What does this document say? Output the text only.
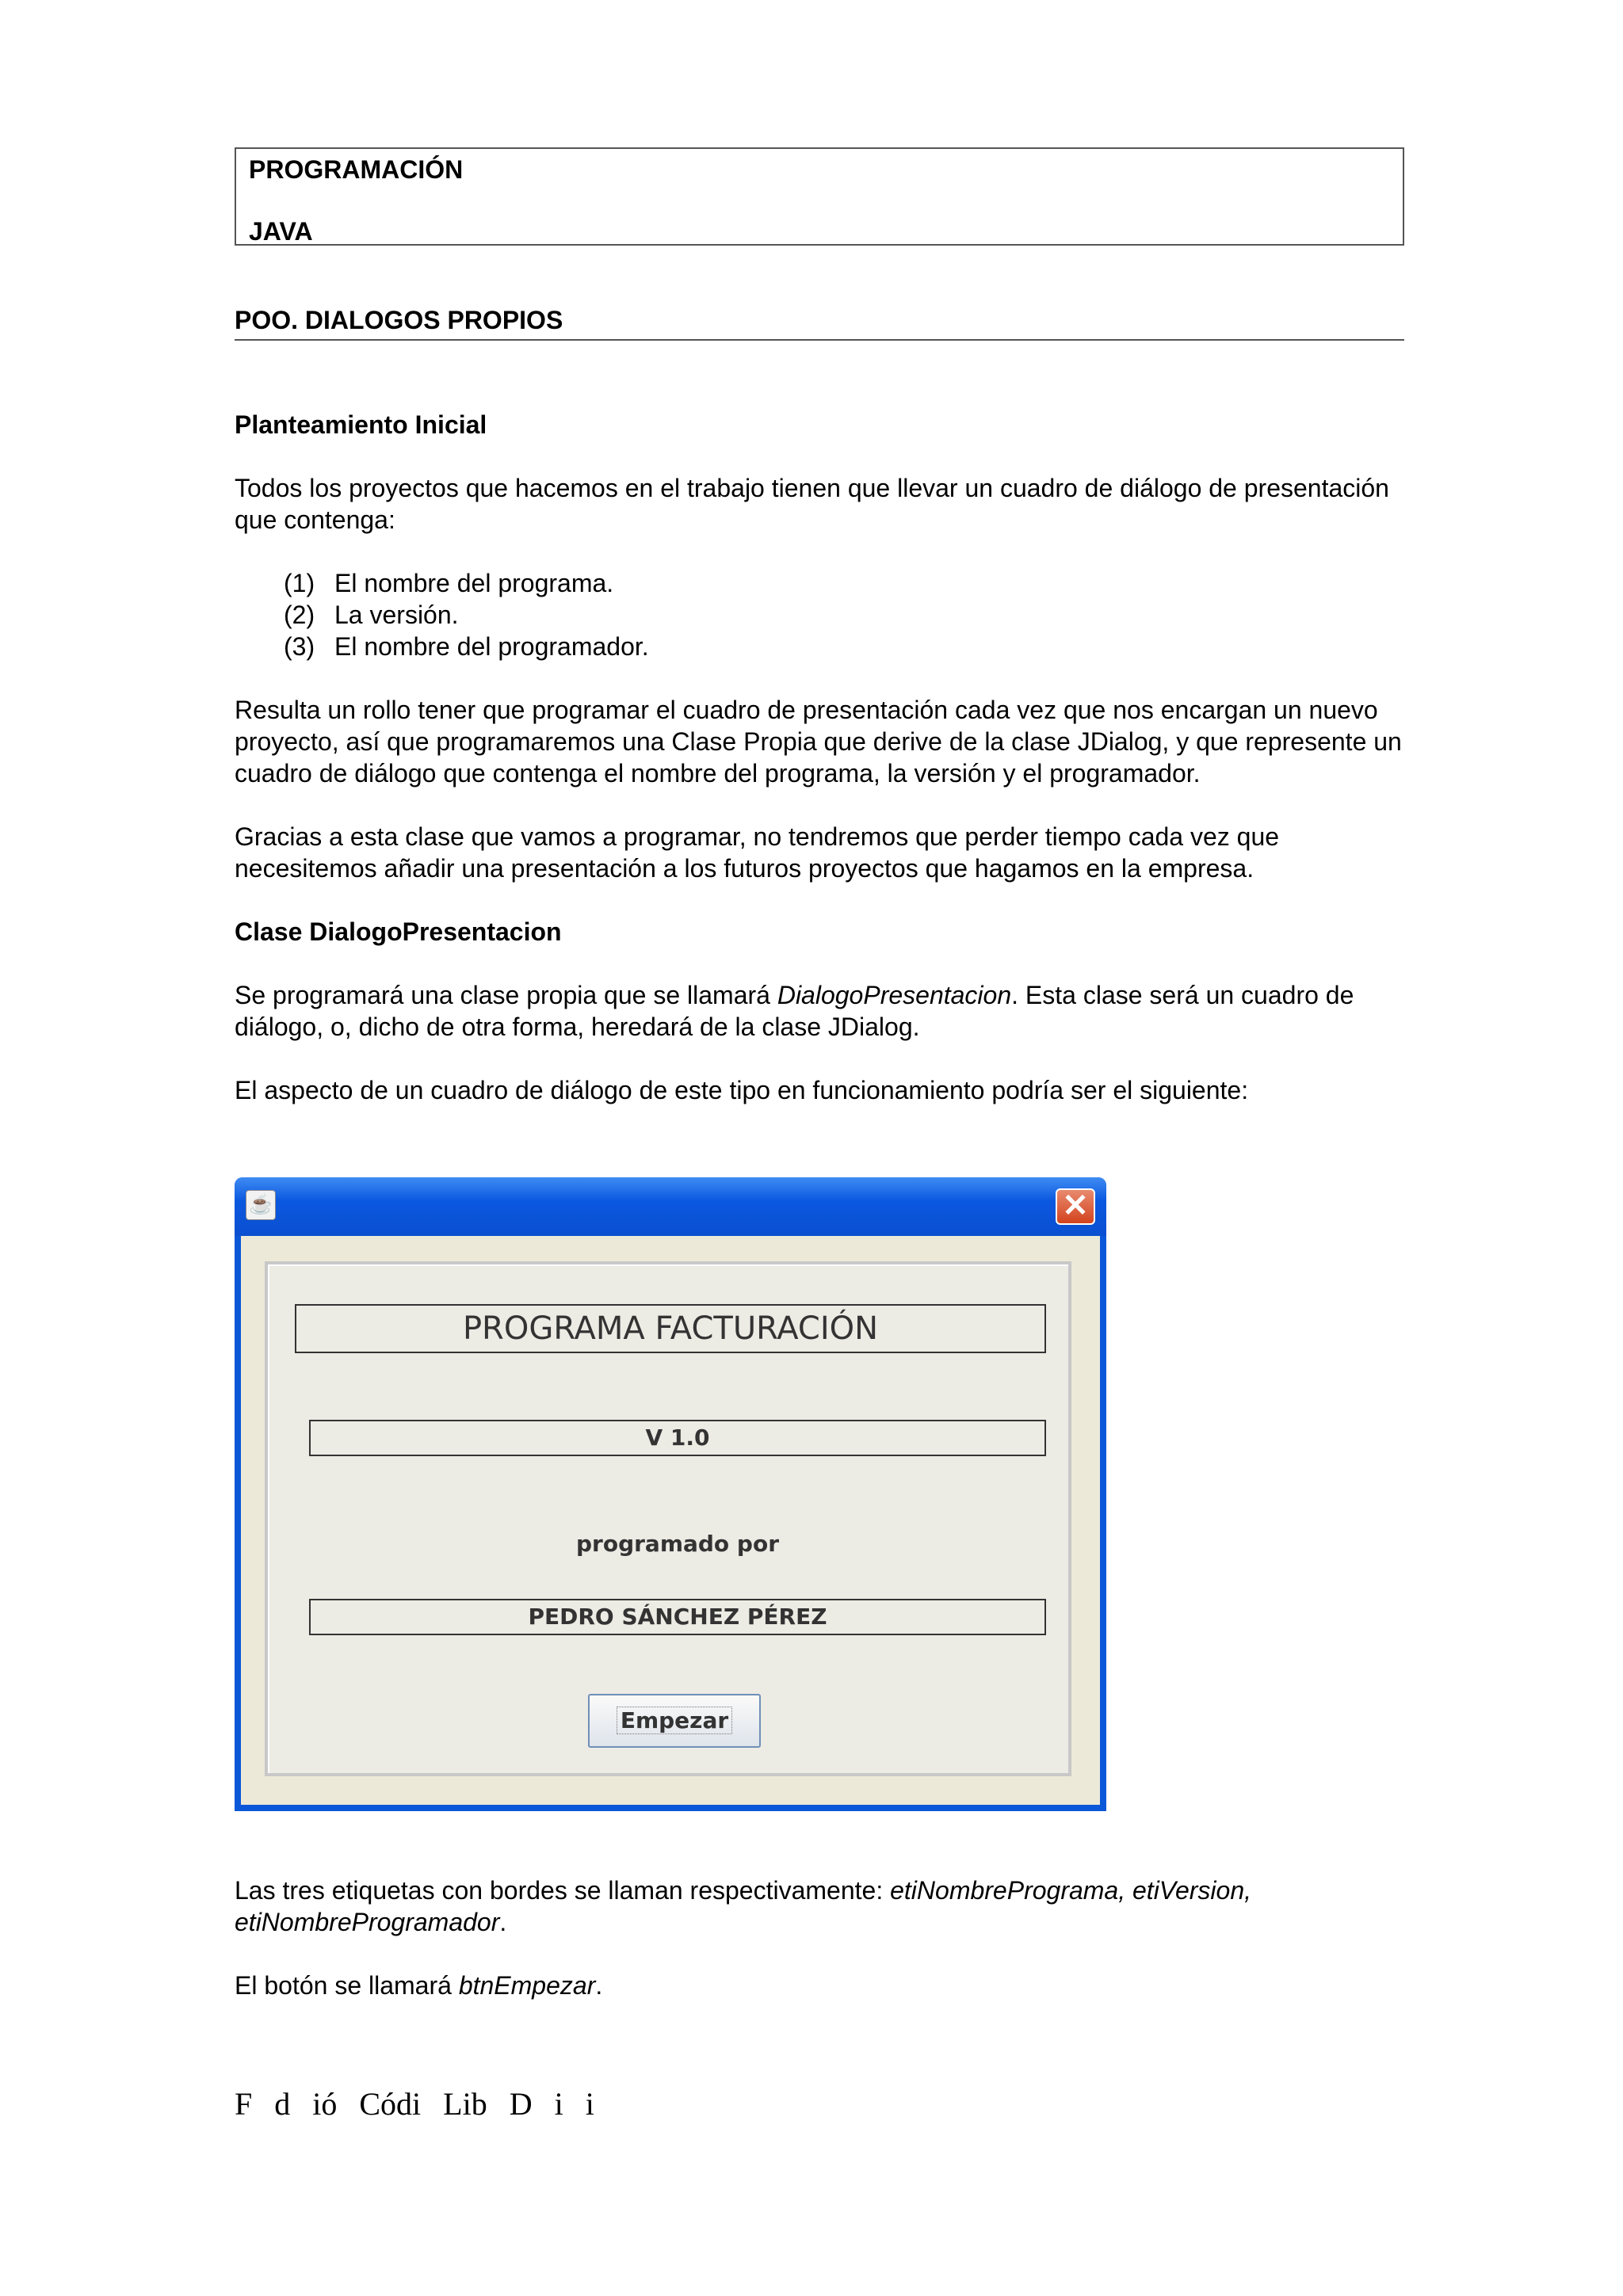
PROGRAMACIÓN
JAVA
POO. DIALOGOS PROPIOS
Planteamiento Inicial

Todos los proyectos que hacemos en el trabajo tienen que llevar un cuadro de diálogo de presentación que contenga:

(1) El nombre del programa.
(2) La versión.
(3) El nombre del programador.

Resulta un rollo tener que programar el cuadro de presentación cada vez que nos encargan un nuevo proyecto, así que programaremos una Clase Propia que derive de la clase JDialog, y que represente un cuadro de diálogo que contenga el nombre del programa, la versión y el programador.

Gracias a esta clase que vamos a programar, no tendremos que perder tiempo cada vez que necesitemos añadir una presentación a los futuros proyectos que hagamos en la empresa.

Clase DialogoPresentacion

Se programará una clase propia que se llamará DialogoPresentacion. Esta clase será un cuadro de diálogo, o, dicho de otra forma, heredará de la clase JDialog.

El aspecto de un cuadro de diálogo de este tipo en funcionamiento podría ser el siguiente:

☕	✕
PROGRAMA FACTURACIÓN
V 1.0
programado por
PEDRO SÁNCHEZ PÉREZ
Empezar

Las tres etiquetas con bordes se llaman respectivamente: etiNombrePrograma, etiVersion, etiNombreProgramador.

El botón se llamará btnEmpezar.

F d ió Códi Lib D i i
